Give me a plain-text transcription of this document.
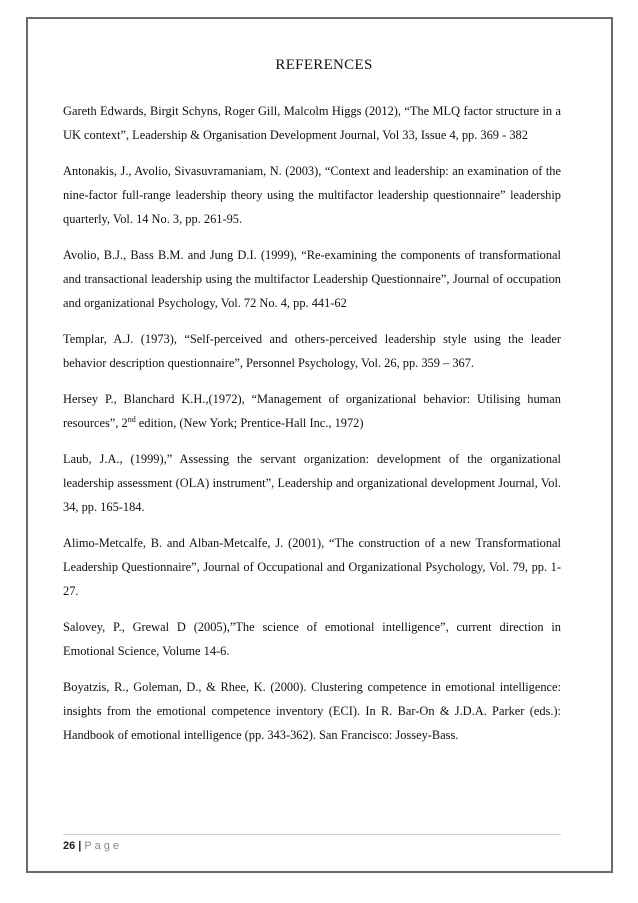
REFERENCES

Gareth Edwards, Birgit Schyns, Roger Gill, Malcolm Higgs (2012), “The MLQ factor structure in a UK context”, Leadership & Organisation Development Journal, Vol 33, Issue 4, pp. 369 - 382

Antonakis, J., Avolio, Sivasuvramaniam, N. (2003), “Context and leadership: an examination of the nine-factor full-range leadership theory using the multifactor leadership questionnaire” leadership quarterly, Vol. 14 No. 3, pp. 261-95.

Avolio, B.J., Bass B.M. and Jung D.I. (1999), “Re-examining the components of transformational and transactional leadership using the multifactor Leadership Questionnaire”, Journal of occupation and organizational Psychology, Vol. 72 No. 4, pp. 441-62

Templar, A.J. (1973), “Self-perceived and others-perceived leadership style using the leader behavior description questionnaire”, Personnel Psychology, Vol. 26, pp. 359 – 367.

Hersey P., Blanchard K.H.,(1972), “Management of organizational behavior: Utilising human resources”, 2nd edition, (New York; Prentice-Hall Inc., 1972)

Laub, J.A., (1999),” Assessing the servant organization: development of the organizational leadership assessment (OLA) instrument”, Leadership and organizational development Journal, Vol. 34, pp. 165-184.

Alimo-Metcalfe, B. and Alban-Metcalfe, J. (2001), “The construction of a new Transformational Leadership Questionnaire”, Journal of Occupational and Organizational Psychology, Vol. 79, pp. 1-27.

Salovey, P., Grewal D (2005),”The science of emotional intelligence”, current direction in Emotional Science, Volume 14-6.

Boyatzis, R., Goleman, D., & Rhee, K. (2000). Clustering competence in emotional intelligence: insights from the emotional competence inventory (ECI). In R. Bar-On & J.D.A. Parker (eds.): Handbook of emotional intelligence (pp. 343-362). San Francisco: Jossey-Bass.

26 | Page
